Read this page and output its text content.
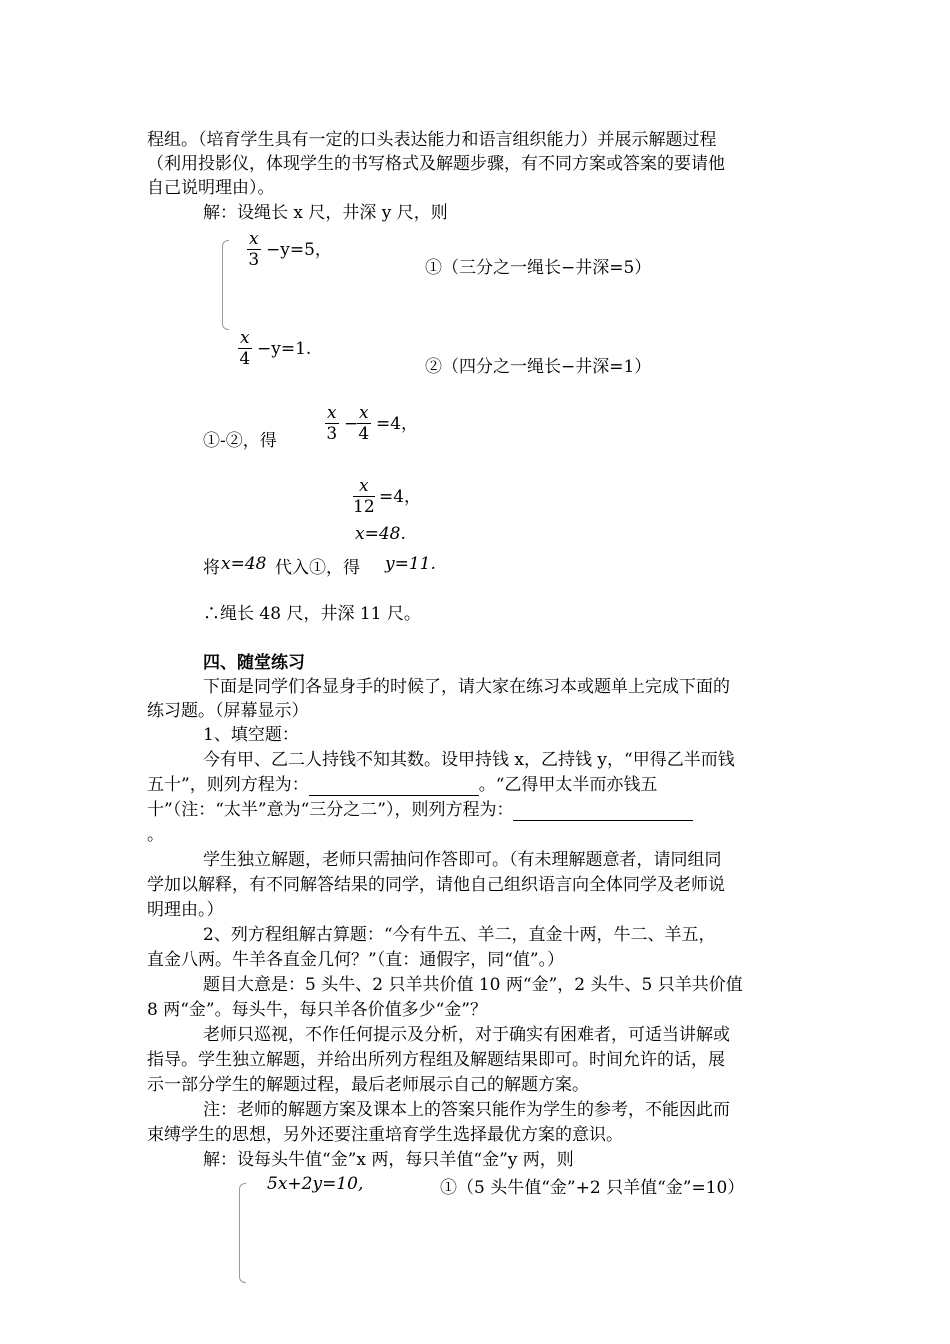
程组。（培育学生具有一定的口头表达能力和语言组织能力）并展示解题过程
（利用投影仪，体现学生的书写格式及解题步骤，有不同方案或答案的要请他
自己说明理由）。
解：设绳长 x 尺，井深 y 尺，则
$\frac{x}{3} -y=5$，
①（三分之一绳长−井深=5）
$\frac{x}{4} -y=1$.
②（四分之一绳长−井深=1）
①-②，得	$\frac{x}{3}$ −
$\frac{x}{4} =4$，
$\frac{x}{12} =4$，
x=48.
将 x=48 代入①，得 y=11.
∴绳长 48 尺，井深 11 尺。
四、随堂练习
下面是同学们各显身手的时候了，请大家在练习本或题单上完成下面的
练习题。（屏幕显示）
1、填空题：
今有甲、乙二人持钱不知其数。设甲持钱 x，乙持钱 y，“甲得乙半而钱
五十”，则列方程为：	。“乙得甲太半而亦钱五
十”（注：“太半”意为“三分之二”），则列方程为：
。
学生独立解题，老师只需抽问作答即可。（有未理解题意者，请同组同
学加以解释，有不同解答结果的同学，请他自己组织语言向全体同学及老师说
明理由。）
2、列方程组解古算题：“今有牛五、羊二，直金十两，牛二、羊五，
直金八两。牛羊各直金几何？”（直：通假字，同“值”。）
题目大意是：5 头牛、2 只羊共价值 10 两“金”，2 头牛、5 只羊共价值
8 两“金”。每头牛，每只羊各价值多少“金”？
老师只巡视，不作任何提示及分析，对于确实有困难者，可适当讲解或
指导。学生独立解题，并给出所列方程组及解题结果即可。时间允许的话，展
示一部分学生的解题过程，最后老师展示自己的解题方案。
注：老师的解题方案及课本上的答案只能作为学生的参考，不能因此而
束缚学生的思想，另外还要注重培育学生选择最优方案的意识。
解：设每头牛值“金”x 两，每只羊值“金”y 两，则
5x+2y=10,	①（5 头牛值“金”+2 只羊值“金”=10）
